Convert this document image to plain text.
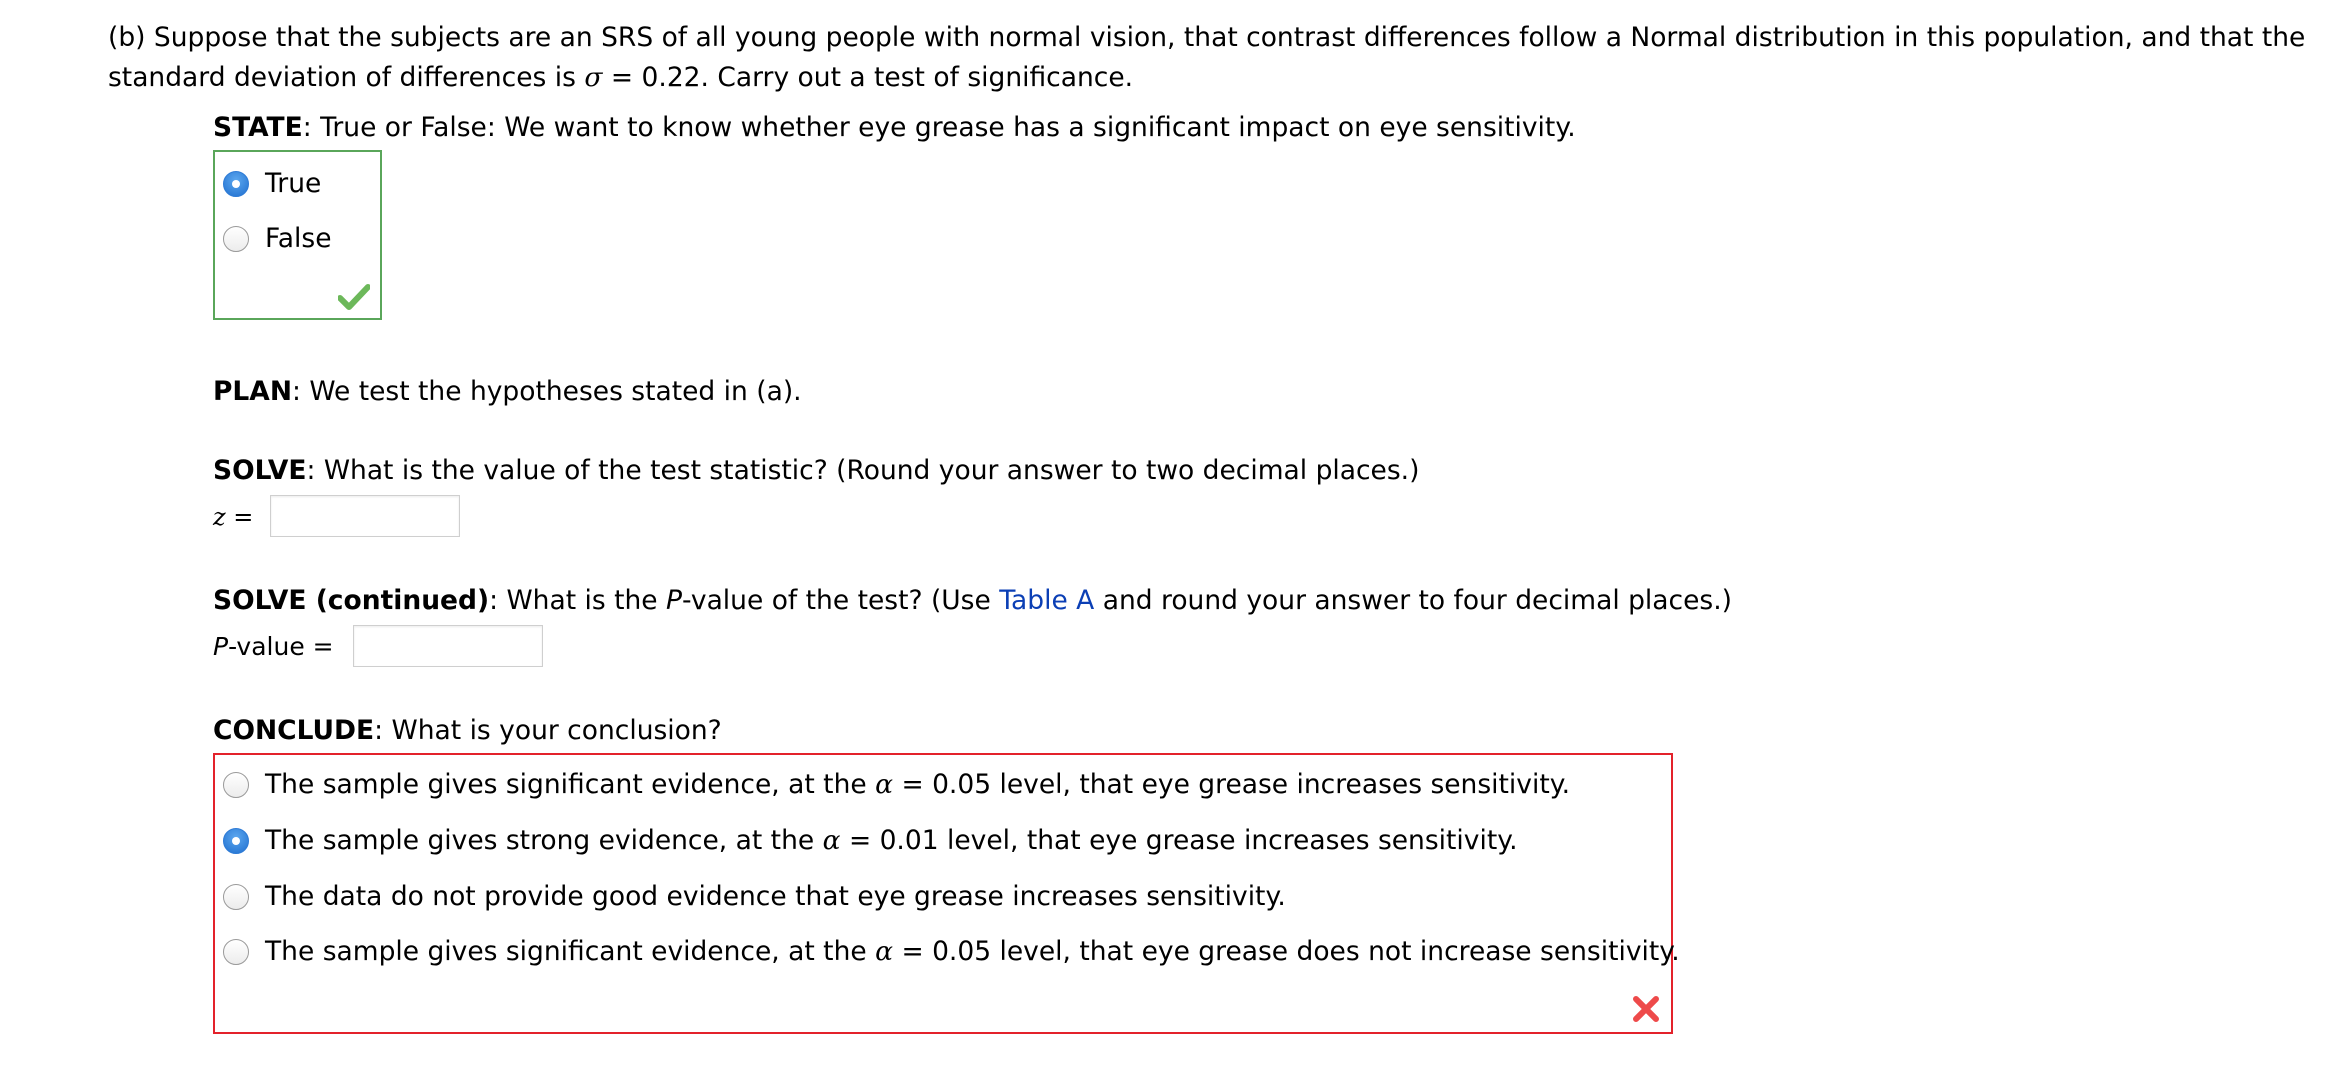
(b) Suppose that the subjects are an SRS of all young people with normal vision, that contrast differences follow a Normal distribution in this population, and that the
standard deviation of differences is σ = 0.22. Carry out a test of significance.
STATE: True or False: We want to know whether eye grease has a significant impact on eye sensitivity.
True
False
PLAN: We test the hypotheses stated in (a).
SOLVE: What is the value of the test statistic? (Round your answer to two decimal places.)
z =
SOLVE (continued): What is the P-value of the test? (Use Table A and round your answer to four decimal places.)
P-value =
CONCLUDE: What is your conclusion?
The sample gives significant evidence, at the α = 0.05 level, that eye grease increases sensitivity.
The sample gives strong evidence, at the α = 0.01 level, that eye grease increases sensitivity.
The data do not provide good evidence that eye grease increases sensitivity.
The sample gives significant evidence, at the α = 0.05 level, that eye grease does not increase sensitivity.
